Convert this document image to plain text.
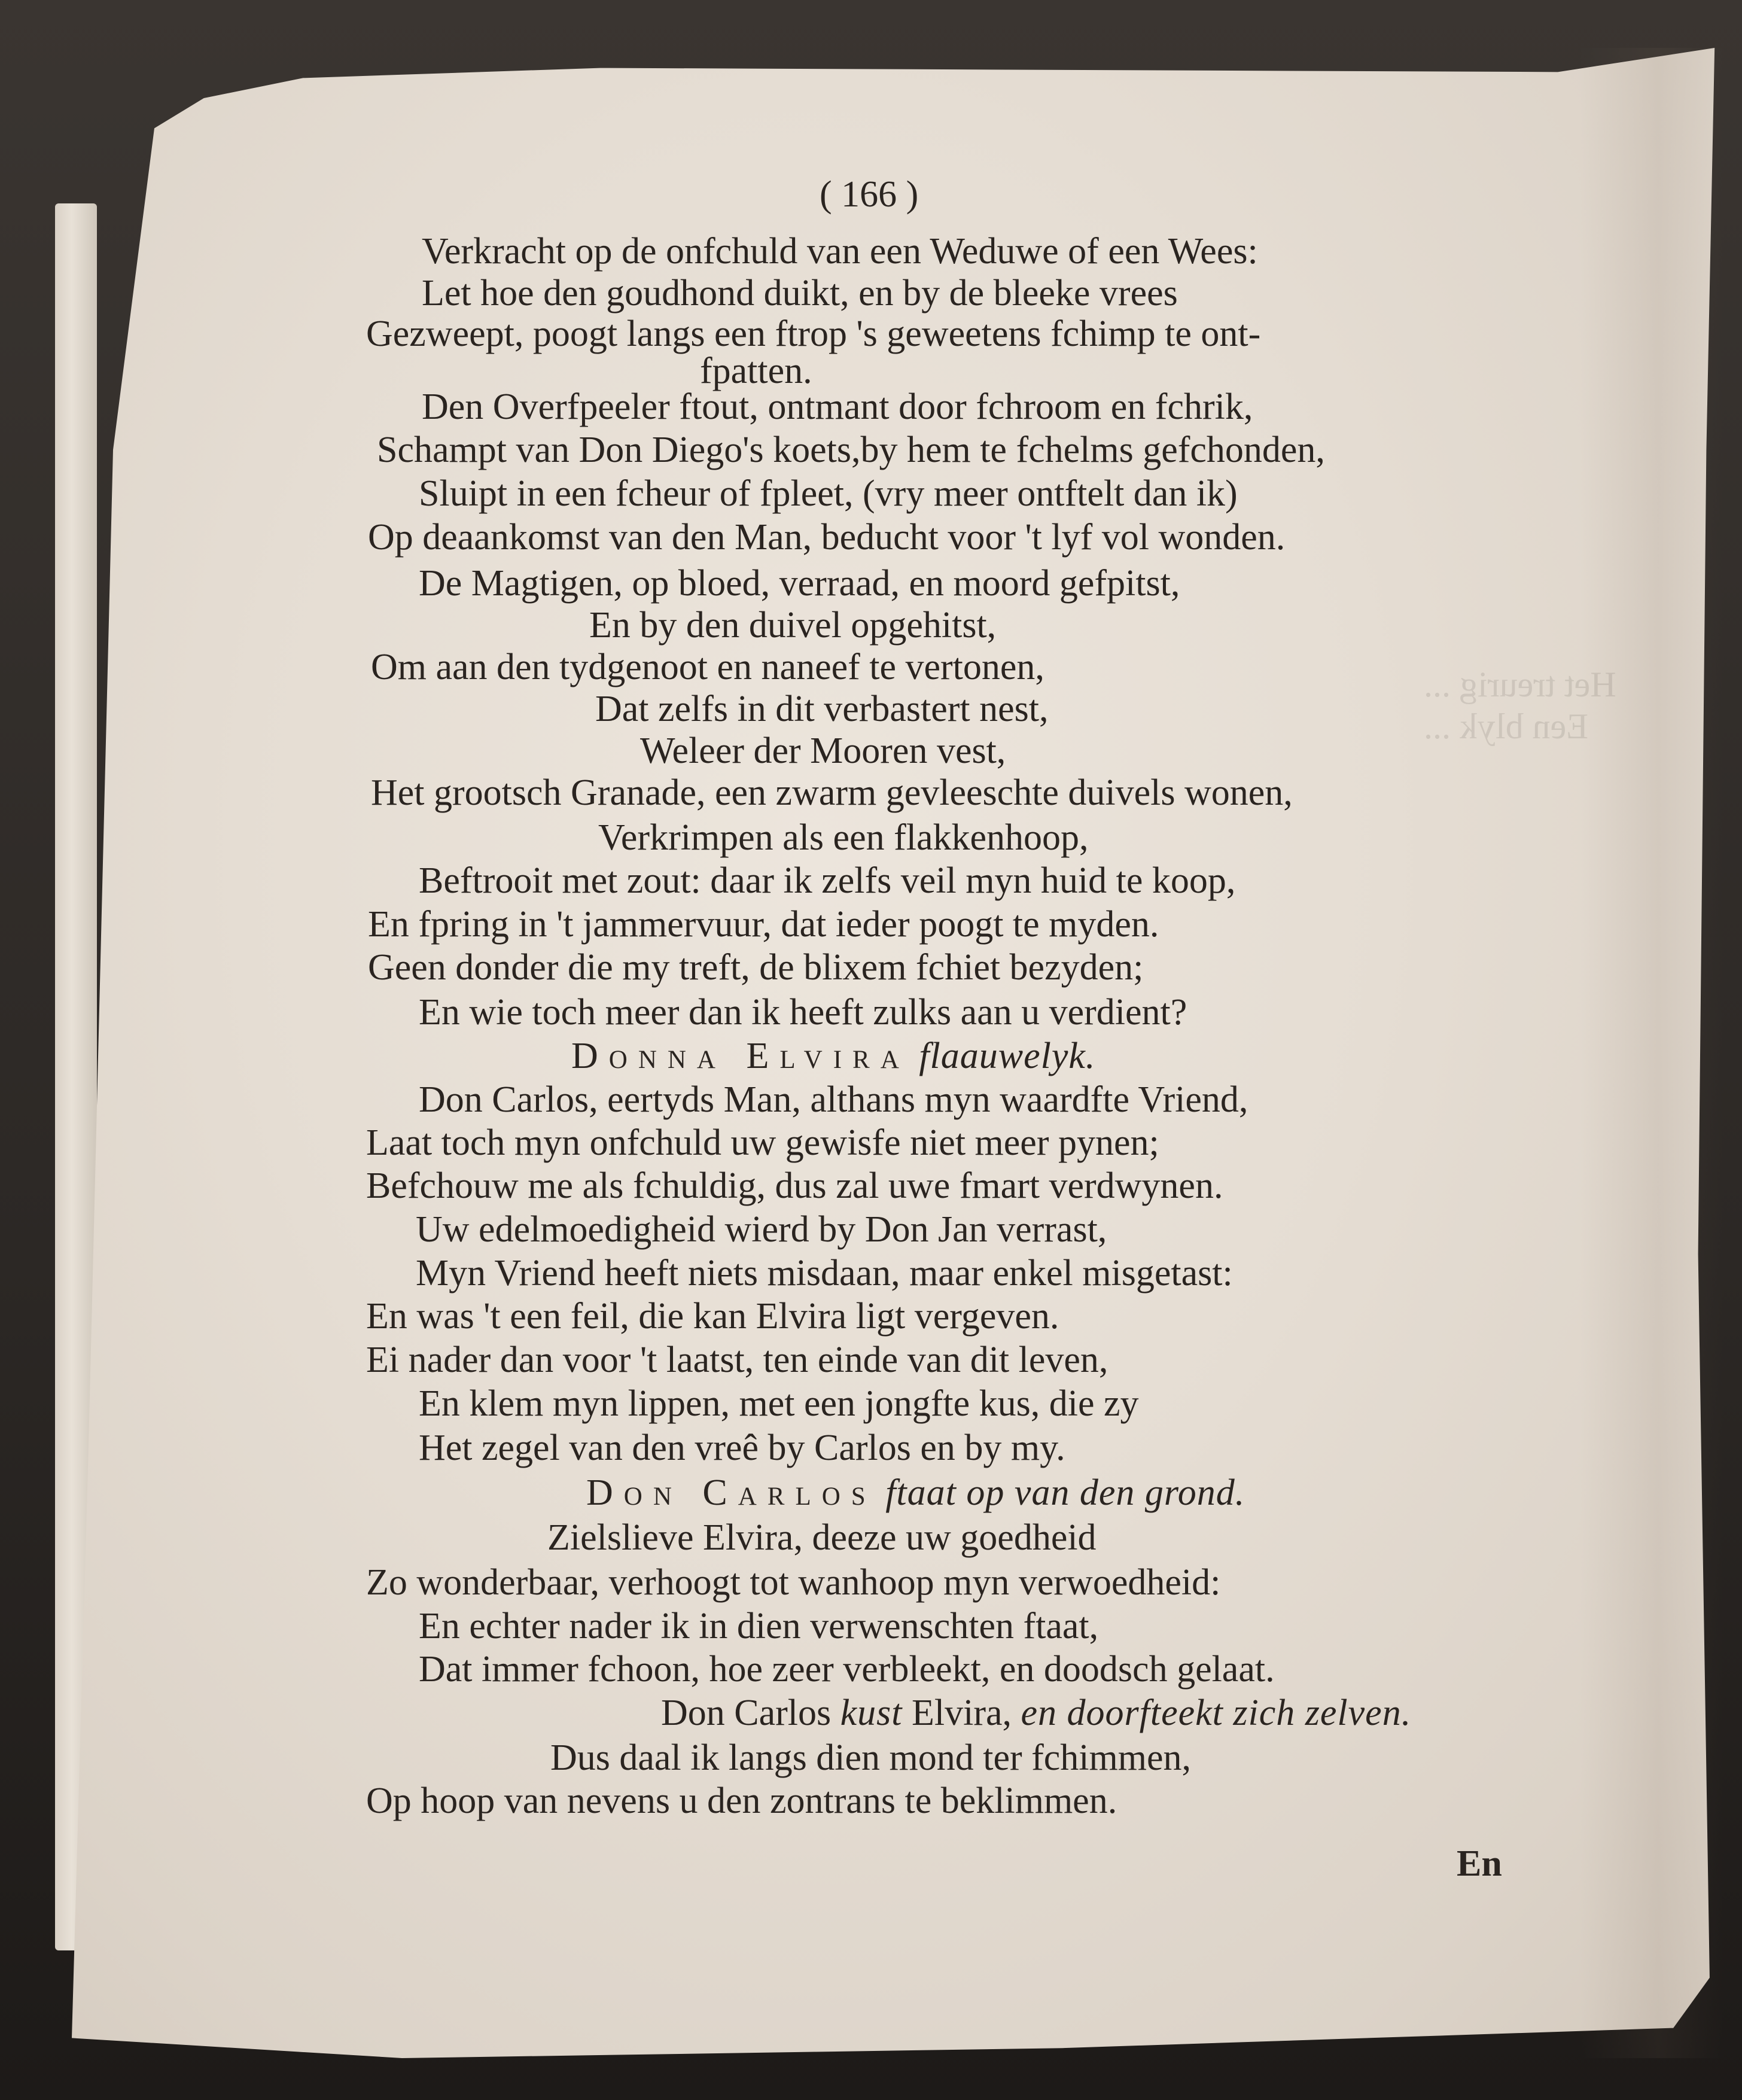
( 166 )
Verkracht op de onfchuld van een Weduwe of een Wees:
Let hoe den goudhond duikt, en by de bleeke vrees
Gezweept, poogt langs een ftrop 's geweetens fchimp te ont-
fpatten.
Den Overfpeeler ftout, ontmant door fchroom en fchrik,
Schampt van Don Diego's koets,by hem te fchelms gefchonden,
Sluipt in een fcheur of fpleet, (vry meer ontftelt dan ik)
Op deaankomst van den Man, beducht voor 't lyf vol wonden.
De Magtigen, op bloed, verraad, en moord gefpitst,
En by den duivel opgehitst,
Om aan den tydgenoot en naneef te vertonen,
Dat zelfs in dit verbastert nest,
Weleer der Mooren vest,
Het grootsch Granade, een zwarm gevleeschte duivels wonen,
Verkrimpen als een flakkenhoop,
Beftrooit met zout: daar ik zelfs veil myn huid te koop,
En fpring in 't jammervuur, dat ieder poogt te myden.
Geen donder die my treft, de blixem fchiet bezyden;
En wie toch meer dan ik heeft zulks aan u verdient?
Don Carlos, eertyds Man, althans myn waardfte Vriend,
Laat toch myn onfchuld uw gewisfe niet meer pynen;
Befchouw me als fchuldig, dus zal uwe fmart verdwynen.
Uw edelmoedigheid wierd by Don Jan verrast,
Myn Vriend heeft niets misdaan, maar enkel misgetast:
En was 't een feil, die kan Elvira ligt vergeven.
Ei nader dan voor 't laatst, ten einde van dit leven,
En klem myn lippen, met een jongfte kus, die zy
Het zegel van den vreê by Carlos en by my.
Zielslieve Elvira, deeze uw goedheid
Zo wonderbaar, verhoogt tot wanhoop myn verwoedheid:
En echter nader ik in dien verwenschten ftaat,
Dat immer fchoon, hoe zeer verbleekt, en doodsch gelaat.
Dus daal ik langs dien mond ter fchimmen,
Op hoop van nevens u den zontrans te beklimmen.
Donna Elvira flaauwelyk.
Don Carlos ftaat op van den grond.
Don Carlos kust Elvira, en doorfteekt zich zelven.
En
